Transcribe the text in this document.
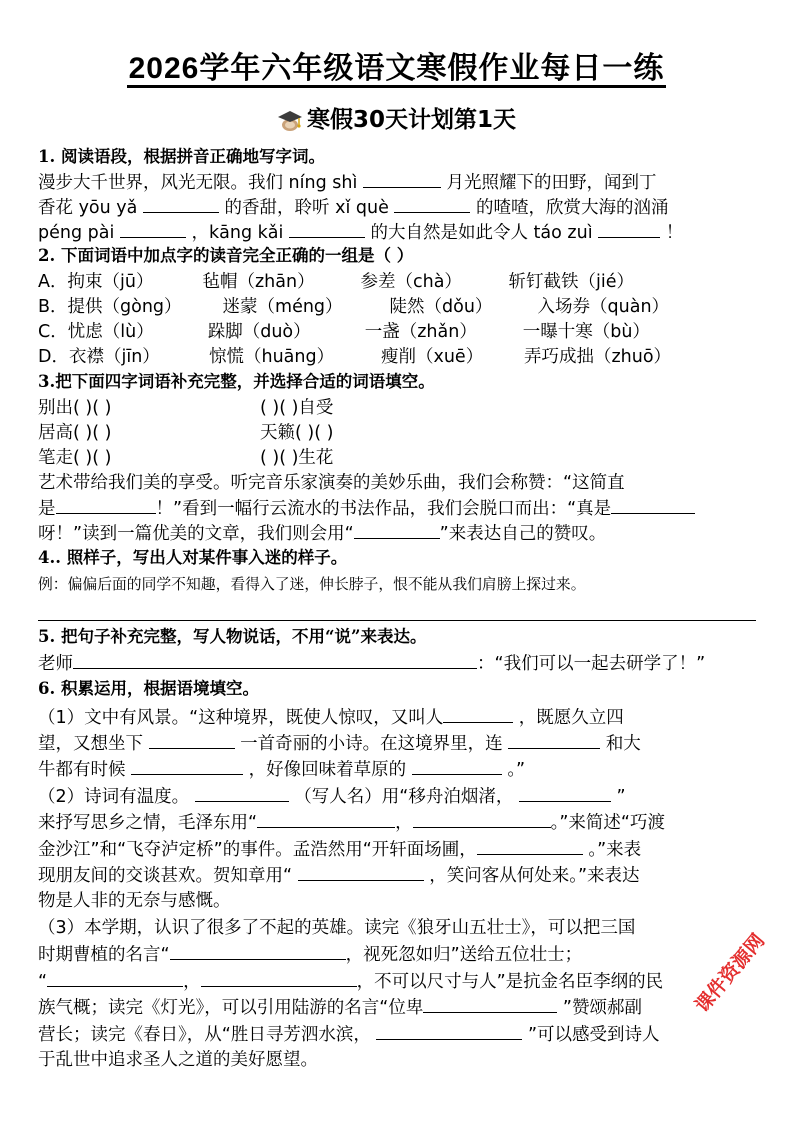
2026学年六年级语文寒假作业每日一练
寒假30天计划第1天
1. 阅读语段，根据拼音正确地写字词。
漫步大千世界，风光无限。我们 níng shì	月光照耀下的田野，闻到丁
香花 yōu yǎ	的香甜，聆听 xǐ què	的喳喳，欣赏大海的汹涌
péng pài	，kāng kǎi	的大自然是如此令人 táo zuì	！
2. 下面词语中加点字的读音完全正确的一组是（ ）
A．拘束（jū）	毡帽（zhān）	参差（chà）	斩钉截铁（jié）
B．提供（gòng） 迷蒙（méng）	陡然（dǒu）	入场券（quàn）
C．忧虑（lù）	跺脚（duò）	一盏（zhǎn）	一曝十寒（bù）
D．衣襟（jīn）	惊慌（huāng）	瘦削（xuē） 弄巧成拙（zhuō）
3.把下面四字词语补充完整，并选择合适的词语填空。
别出( )( )	( )( )自受
居高( )( )	天籁( )( )
笔走( )( )	( )( )生花
艺术带给我们美的享受。听完音乐家演奏的美妙乐曲，我们会称赞：“这简直
是	！”看到一幅行云流水的书法作品，我们会脱口而出：“真是
呀！”读到一篇优美的文章，我们则会用“	”来表达自己的赞叹。
4.. 照样子，写出人对某件事入迷的样子。
例：偏偏后面的同学不知趣，看得入了迷，伸长脖子，恨不能从我们肩膀上探过来。
5. 把句子补充完整，写人物说话，不用“说”来表达。
老师	：“我们可以一起去研学了！”
6. 积累运用，根据语境填空。
（1）文中有风景。“这种境界，既使人惊叹，又叫人	，既愿久立四
望，又想坐下	一首奇丽的小诗。在这境界里，连	和大
牛都有时候	，好像回味着草原的	。”
（2）诗词有温度。	（写人名）用“移舟泊烟渚，	”
来抒写思乡之情，毛泽东用“	，	。”来简述“巧渡
金沙江”和“飞夺泸定桥”的事件。孟浩然用“开轩面场圃，	。”来表
现朋友间的交谈甚欢。贺知章用“	，笑问客从何处来。”来表达
物是人非的无奈与感慨。
（3）本学期，认识了很多了不起的英雄。读完《狼牙山五壮士》，可以把三国
时期曹植的名言“	，视死忽如归”送给五位壮士；
“	，	，不可以尺寸与人”是抗金名臣李纲的民
族气概；读完《灯光》，可以引用陆游的名言“位卑	”赞颂郝副
营长；读完《春日》，从“胜日寻芳泗水滨，	”可以感受到诗人
于乱世中追求圣人之道的美好愿望。
课件资源网
